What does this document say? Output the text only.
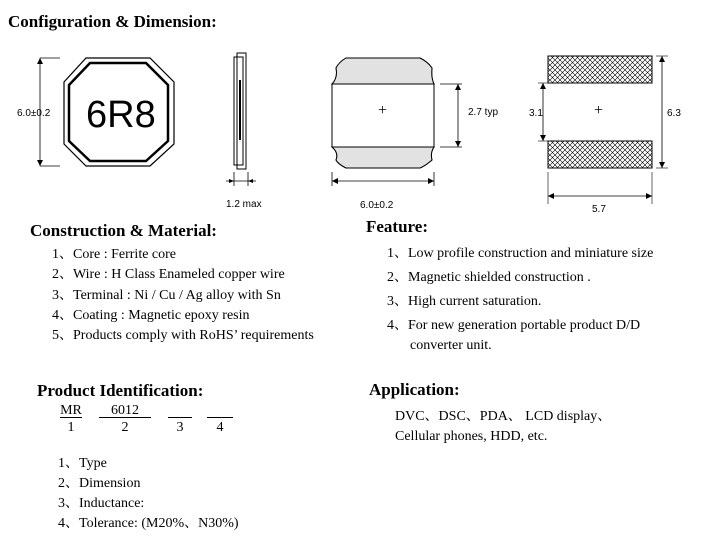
Configuration & Dimension:
6R8
6.0±0.2
1.2 max
+	2.7 typ
6.0±0.2
3.1	+	6.3
5.7
Construction & Material:
1、Core : Ferrite core
2、Wire : H Class Enameled copper wire
3、Terminal : Ni / Cu / Ag alloy with Sn
4、Coating : Magnetic epoxy resin
5、Products comply with RoHS’ requirements
Feature:
1、Low profile construction and miniature size
2、Magnetic shielded construction .
3、High current saturation.
4、For new generation portable product D/D
converter unit.
Product Identification:
MR	6012
1	2	3	4
1、Type
2、Dimension
3、Inductance:
4、Tolerance: (M20%、N30%)
Application:
DVC、DSC、PDA、 LCD display、
Cellular phones, HDD, etc.
